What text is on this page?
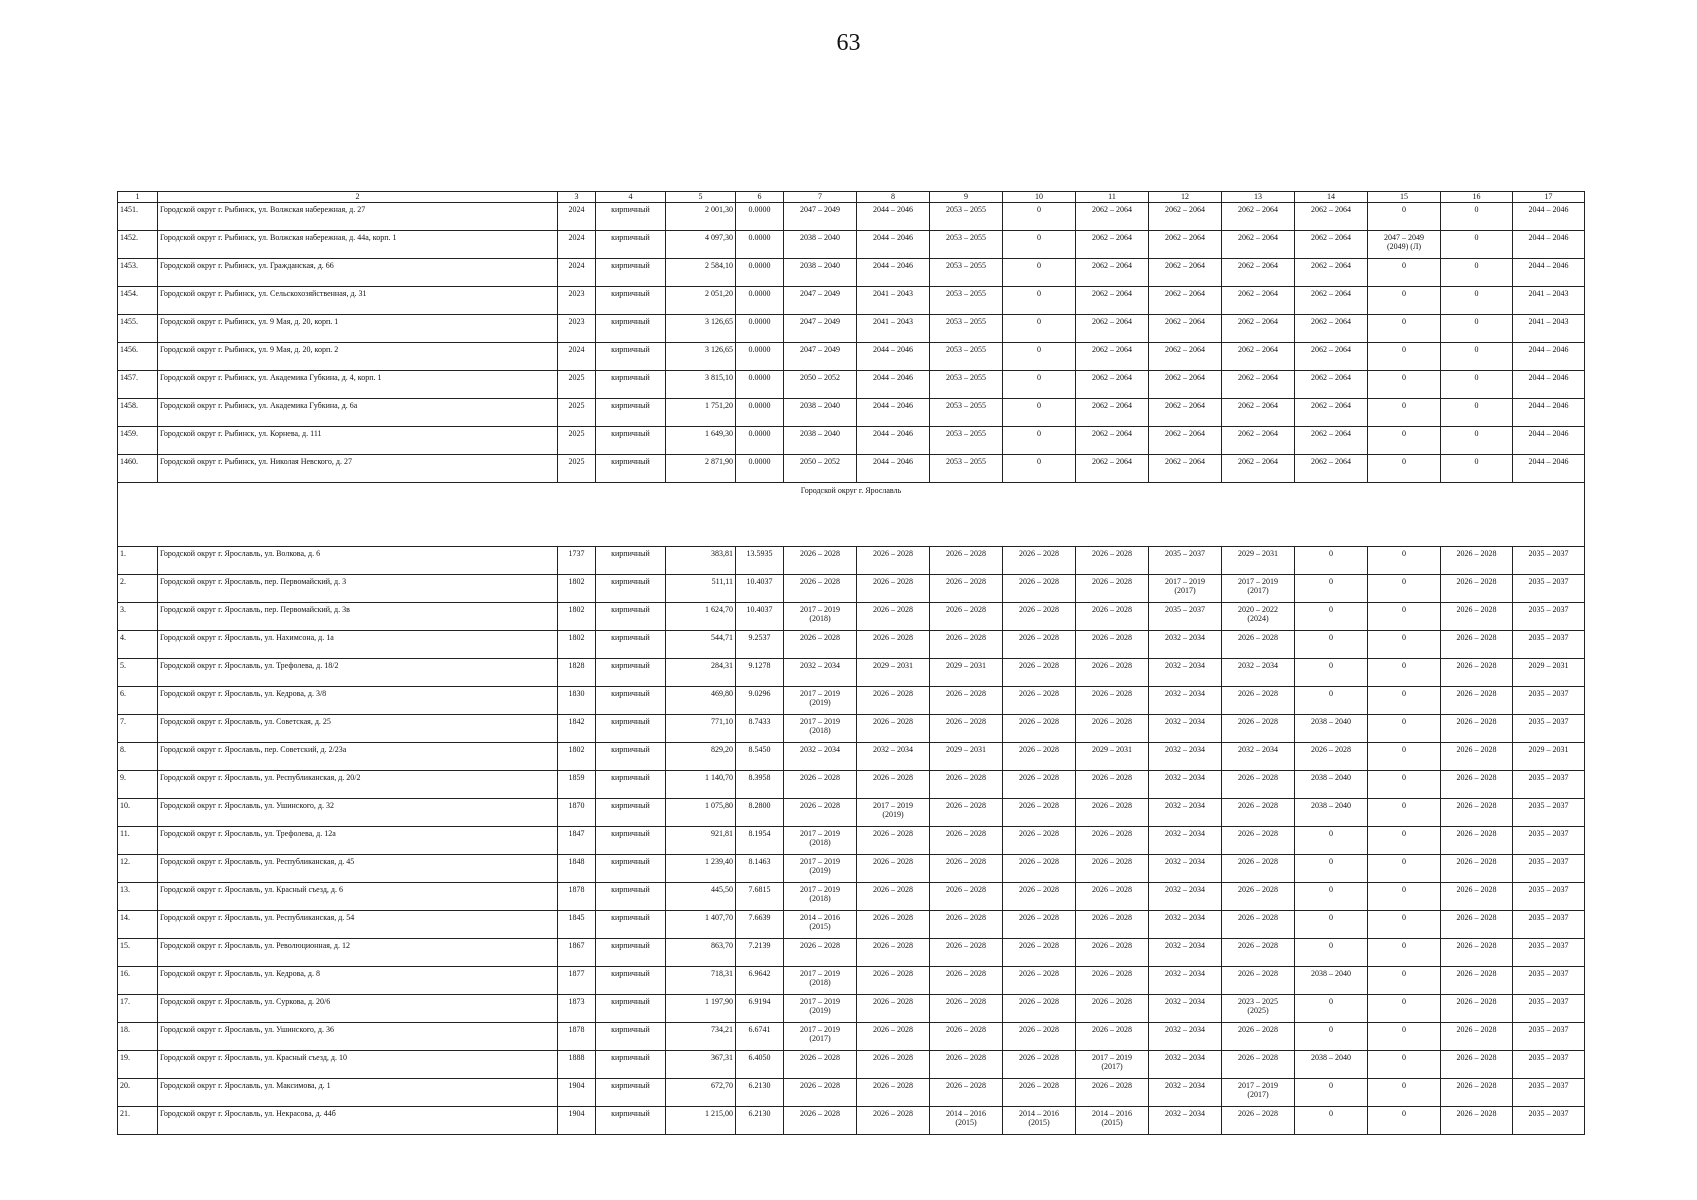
63
1	2	3	4	5	6	7	8	9	10	11	12	13	14	15	16	17

1451.	Городской округ г. Рыбинск, ул. Волжская набережная, д. 27	2024	кирпичный	2 001,30	0.0000	2047 – 2049	2044 – 2046	2053 – 2055	0	2062 – 2064	2062 – 2064	2062 – 2064	2062 – 2064	0	0	2044 – 2046

1452.	Городской округ г. Рыбинск, ул. Волжская набережная, д. 44а, корп. 1	2024	кирпичный	4 097,30	0.0000	2038 – 2040	2044 – 2046	2053 – 2055	0	2062 – 2064	2062 – 2064	2062 – 2064	2062 – 2064	2047 – 2049
(2049) (Л)	0	2044 – 2046

1453.	Городской округ г. Рыбинск, ул. Гражданская, д. 66	2024	кирпичный	2 584,10	0.0000	2038 – 2040	2044 – 2046	2053 – 2055	0	2062 – 2064	2062 – 2064	2062 – 2064	2062 – 2064	0	0	2044 – 2046

1454.	Городской округ г. Рыбинск, ул. Сельскохозяйственная, д. 31	2023	кирпичный	2 051,20	0.0000	2047 – 2049	2041 – 2043	2053 – 2055	0	2062 – 2064	2062 – 2064	2062 – 2064	2062 – 2064	0	0	2041 – 2043

1455.	Городской округ г. Рыбинск, ул. 9 Мая, д. 20, корп. 1	2023	кирпичный	3 126,65	0.0000	2047 – 2049	2041 – 2043	2053 – 2055	0	2062 – 2064	2062 – 2064	2062 – 2064	2062 – 2064	0	0	2041 – 2043

1456.	Городской округ г. Рыбинск, ул. 9 Мая, д. 20, корп. 2	2024	кирпичный	3 126,65	0.0000	2047 – 2049	2044 – 2046	2053 – 2055	0	2062 – 2064	2062 – 2064	2062 – 2064	2062 – 2064	0	0	2044 – 2046

1457.	Городской округ г. Рыбинск, ул. Академика Губкина, д. 4, корп. 1	2025	кирпичный	3 815,10	0.0000	2050 – 2052	2044 – 2046	2053 – 2055	0	2062 – 2064	2062 – 2064	2062 – 2064	2062 – 2064	0	0	2044 – 2046

1458.	Городской округ г. Рыбинск, ул. Академика Губкина, д. 6а	2025	кирпичный	1 751,20	0.0000	2038 – 2040	2044 – 2046	2053 – 2055	0	2062 – 2064	2062 – 2064	2062 – 2064	2062 – 2064	0	0	2044 – 2046

1459.	Городской округ г. Рыбинск, ул. Корнева, д. 111	2025	кирпичный	1 649,30	0.0000	2038 – 2040	2044 – 2046	2053 – 2055	0	2062 – 2064	2062 – 2064	2062 – 2064	2062 – 2064	0	0	2044 – 2046

1460.	Городской округ г. Рыбинск, ул. Николая Невского, д. 27	2025	кирпичный	2 871,90	0.0000	2050 – 2052	2044 – 2046	2053 – 2055	0	2062 – 2064	2062 – 2064	2062 – 2064	2062 – 2064	0	0	2044 – 2046

Городской округ г. Ярославль																

1.	Городской округ г. Ярославль, ул. Волкова, д. 6	1737	кирпичный	383,81	13.5935	2026 – 2028	2026 – 2028	2026 – 2028	2026 – 2028	2026 – 2028	2035 – 2037	2029 – 2031	0	0	2026 – 2028	2035 – 2037

2.	Городской округ г. Ярославль, пер. Первомайский, д. 3	1802	кирпичный	511,11	10.4037	2026 – 2028	2026 – 2028	2026 – 2028	2026 – 2028	2026 – 2028	2017 – 2019
(2017)	2017 – 2019
(2017)	0	0	2026 – 2028	2035 – 2037

3.	Городской округ г. Ярославль, пер. Первомайский, д. 3в	1802	кирпичный	1 624,70	10.4037	2017 – 2019
(2018)	2026 – 2028	2026 – 2028	2026 – 2028	2026 – 2028	2035 – 2037	2020 – 2022
(2024)	0	0	2026 – 2028	2035 – 2037

4.	Городской округ г. Ярославль, ул. Нахимсона, д. 1а	1802	кирпичный	544,71	9.2537	2026 – 2028	2026 – 2028	2026 – 2028	2026 – 2028	2026 – 2028	2032 – 2034	2026 – 2028	0	0	2026 – 2028	2035 – 2037

5.	Городской округ г. Ярославль, ул. Трефолева, д. 18/2	1828	кирпичный	284,31	9.1278	2032 – 2034	2029 – 2031	2029 – 2031	2026 – 2028	2026 – 2028	2032 – 2034	2032 – 2034	0	0	2026 – 2028	2029 – 2031

6.	Городской округ г. Ярославль, ул. Кедрова, д. 3/8	1830	кирпичный	469,80	9.0296	2017 – 2019
(2019)	2026 – 2028	2026 – 2028	2026 – 2028	2026 – 2028	2032 – 2034	2026 – 2028	0	0	2026 – 2028	2035 – 2037

7.	Городской округ г. Ярославль, ул. Советская, д. 25	1842	кирпичный	771,10	8.7433	2017 – 2019
(2018)	2026 – 2028	2026 – 2028	2026 – 2028	2026 – 2028	2032 – 2034	2026 – 2028	2038 – 2040	0	2026 – 2028	2035 – 2037

8.	Городской округ г. Ярославль, пер. Советский, д. 2/23а	1802	кирпичный	829,20	8.5450	2032 – 2034	2032 – 2034	2029 – 2031	2026 – 2028	2029 – 2031	2032 – 2034	2032 – 2034	2026 – 2028	0	2026 – 2028	2029 – 2031

9.	Городской округ г. Ярославль, ул. Республиканская, д. 20/2	1859	кирпичный	1 140,70	8.3958	2026 – 2028	2026 – 2028	2026 – 2028	2026 – 2028	2026 – 2028	2032 – 2034	2026 – 2028	2038 – 2040	0	2026 – 2028	2035 – 2037

10.	Городской округ г. Ярославль, ул. Ушинского, д. 32	1870	кирпичный	1 075,80	8.2800	2026 – 2028	2017 – 2019
(2019)	2026 – 2028	2026 – 2028	2026 – 2028	2032 – 2034	2026 – 2028	2038 – 2040	0	2026 – 2028	2035 – 2037

11.	Городской округ г. Ярославль, ул. Трефолева, д. 12а	1847	кирпичный	921,81	8.1954	2017 – 2019
(2018)	2026 – 2028	2026 – 2028	2026 – 2028	2026 – 2028	2032 – 2034	2026 – 2028	0	0	2026 – 2028	2035 – 2037

12.	Городской округ г. Ярославль, ул. Республиканская, д. 45	1848	кирпичный	1 239,40	8.1463	2017 – 2019
(2019)	2026 – 2028	2026 – 2028	2026 – 2028	2026 – 2028	2032 – 2034	2026 – 2028	0	0	2026 – 2028	2035 – 2037

13.	Городской округ г. Ярославль, ул. Красный съезд, д. 6	1878	кирпичный	445,50	7.6815	2017 – 2019
(2018)	2026 – 2028	2026 – 2028	2026 – 2028	2026 – 2028	2032 – 2034	2026 – 2028	0	0	2026 – 2028	2035 – 2037

14.	Городской округ г. Ярославль, ул. Республиканская, д. 54	1845	кирпичный	1 407,70	7.6639	2014 – 2016
(2015)	2026 – 2028	2026 – 2028	2026 – 2028	2026 – 2028	2032 – 2034	2026 – 2028	0	0	2026 – 2028	2035 – 2037

15.	Городской округ г. Ярославль, ул. Революционная, д. 12	1867	кирпичный	863,70	7.2139	2026 – 2028	2026 – 2028	2026 – 2028	2026 – 2028	2026 – 2028	2032 – 2034	2026 – 2028	0	0	2026 – 2028	2035 – 2037

16.	Городской округ г. Ярославль, ул. Кедрова, д. 8	1877	кирпичный	718,31	6.9642	2017 – 2019
(2018)	2026 – 2028	2026 – 2028	2026 – 2028	2026 – 2028	2032 – 2034	2026 – 2028	2038 – 2040	0	2026 – 2028	2035 – 2037

17.	Городской округ г. Ярославль, ул. Суркова, д. 20/6	1873	кирпичный	1 197,90	6.9194	2017 – 2019
(2019)	2026 – 2028	2026 – 2028	2026 – 2028	2026 – 2028	2032 – 2034	2023 – 2025
(2025)	0	0	2026 – 2028	2035 – 2037

18.	Городской округ г. Ярославль, ул. Ушинского, д. 36	1878	кирпичный	734,21	6.6741	2017 – 2019
(2017)	2026 – 2028	2026 – 2028	2026 – 2028	2026 – 2028	2032 – 2034	2026 – 2028	0	0	2026 – 2028	2035 – 2037

19.	Городской округ г. Ярославль, ул. Красный съезд, д. 10	1888	кирпичный	367,31	6.4050	2026 – 2028	2026 – 2028	2026 – 2028	2026 – 2028	2017 – 2019
(2017)	2032 – 2034	2026 – 2028	2038 – 2040	0	2026 – 2028	2035 – 2037

20.	Городской округ г. Ярославль, ул. Максимова, д. 1	1904	кирпичный	672,70	6.2130	2026 – 2028	2026 – 2028	2026 – 2028	2026 – 2028	2026 – 2028	2032 – 2034	2017 – 2019
(2017)	0	0	2026 – 2028	2035 – 2037

21.	Городской округ г. Ярославль, ул. Некрасова, д. 44б	1904	кирпичный	1 215,00	6.2130	2026 – 2028	2026 – 2028	2014 – 2016
(2015)	2014 – 2016
(2015)	2014 – 2016
(2015)	2032 – 2034	2026 – 2028	0	0	2026 – 2028	2035 – 2037
